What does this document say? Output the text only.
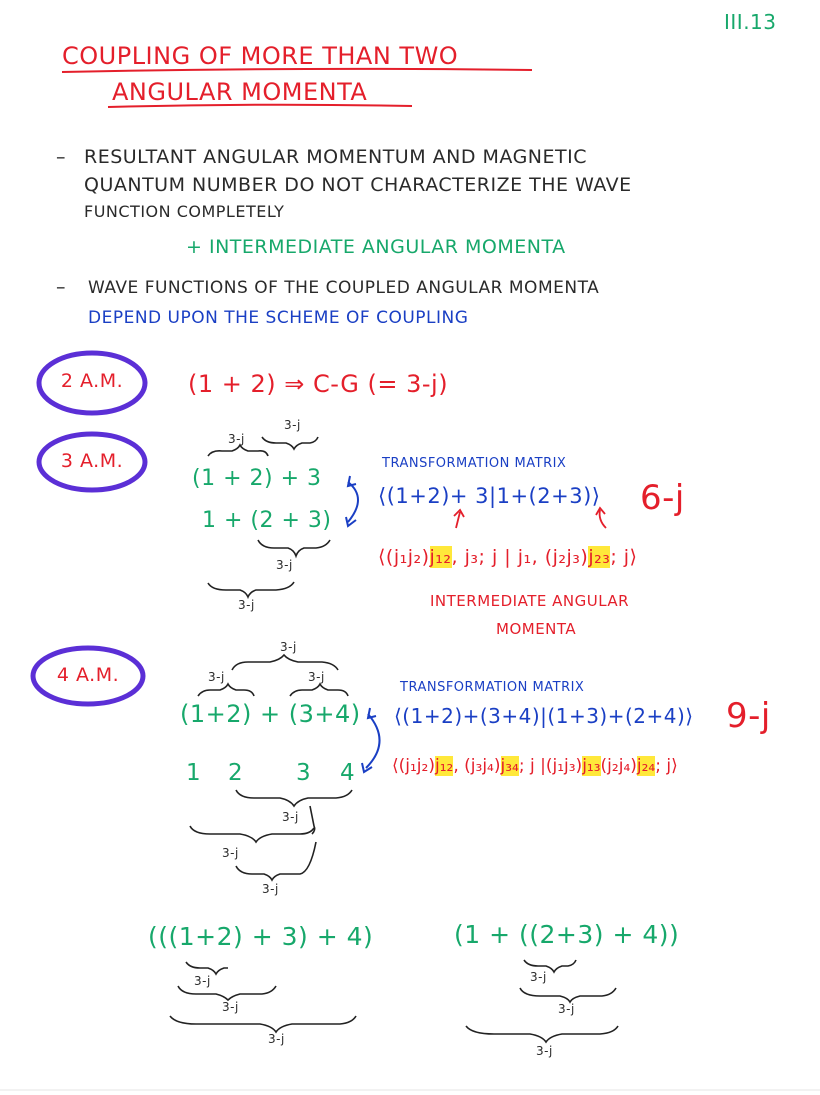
III.13
COUPLING OF MORE THAN TWO
ANGULAR MOMENTA
– RESULTANT ANGULAR MOMENTUM AND MAGNETIC
QUANTUM NUMBER DO NOT CHARACTERIZE THE WAVE
FUNCTION COMPLETELY
+ INTERMEDIATE ANGULAR MOMENTA
– WAVE FUNCTIONS OF THE COUPLED ANGULAR MOMENTA
DEPEND UPON THE SCHEME OF COUPLING
2 A.M.	(1 + 2) ⇒ C-G (= 3-j)
3 A.M.
3-j
3-j
(1 + 2) + 3
1 + (2 + 3)
3-j
3-j
TRANSFORMATION MATRIX
⟨(1+2)+ 3|1+(2+3)⟩ 6-j
⟨(j₁j₂)j₁₂, j₃; j | j₁, (j₂j₃)j₂₃; j⟩
INTERMEDIATE ANGULAR
MOMENTA
4 A.M.
3-j
3-j	3-j
(1+2) + (3+4)
1 2 3 4
3-j
3-j
3-j
TRANSFORMATION MATRIX
⟨(1+2)+(3+4)|(1+3)+(2+4)⟩ 9-j
⟨(j₁j₂)j₁₂, (j₃j₄)j₃₄; j |(j₁j₃)j₁₃(j₂j₄)j₂₄; j⟩
(((1+2) + 3) + 4)
3-j
3-j
3-j
(1 + ((2+3) + 4))
3-j
3-j
3-j
